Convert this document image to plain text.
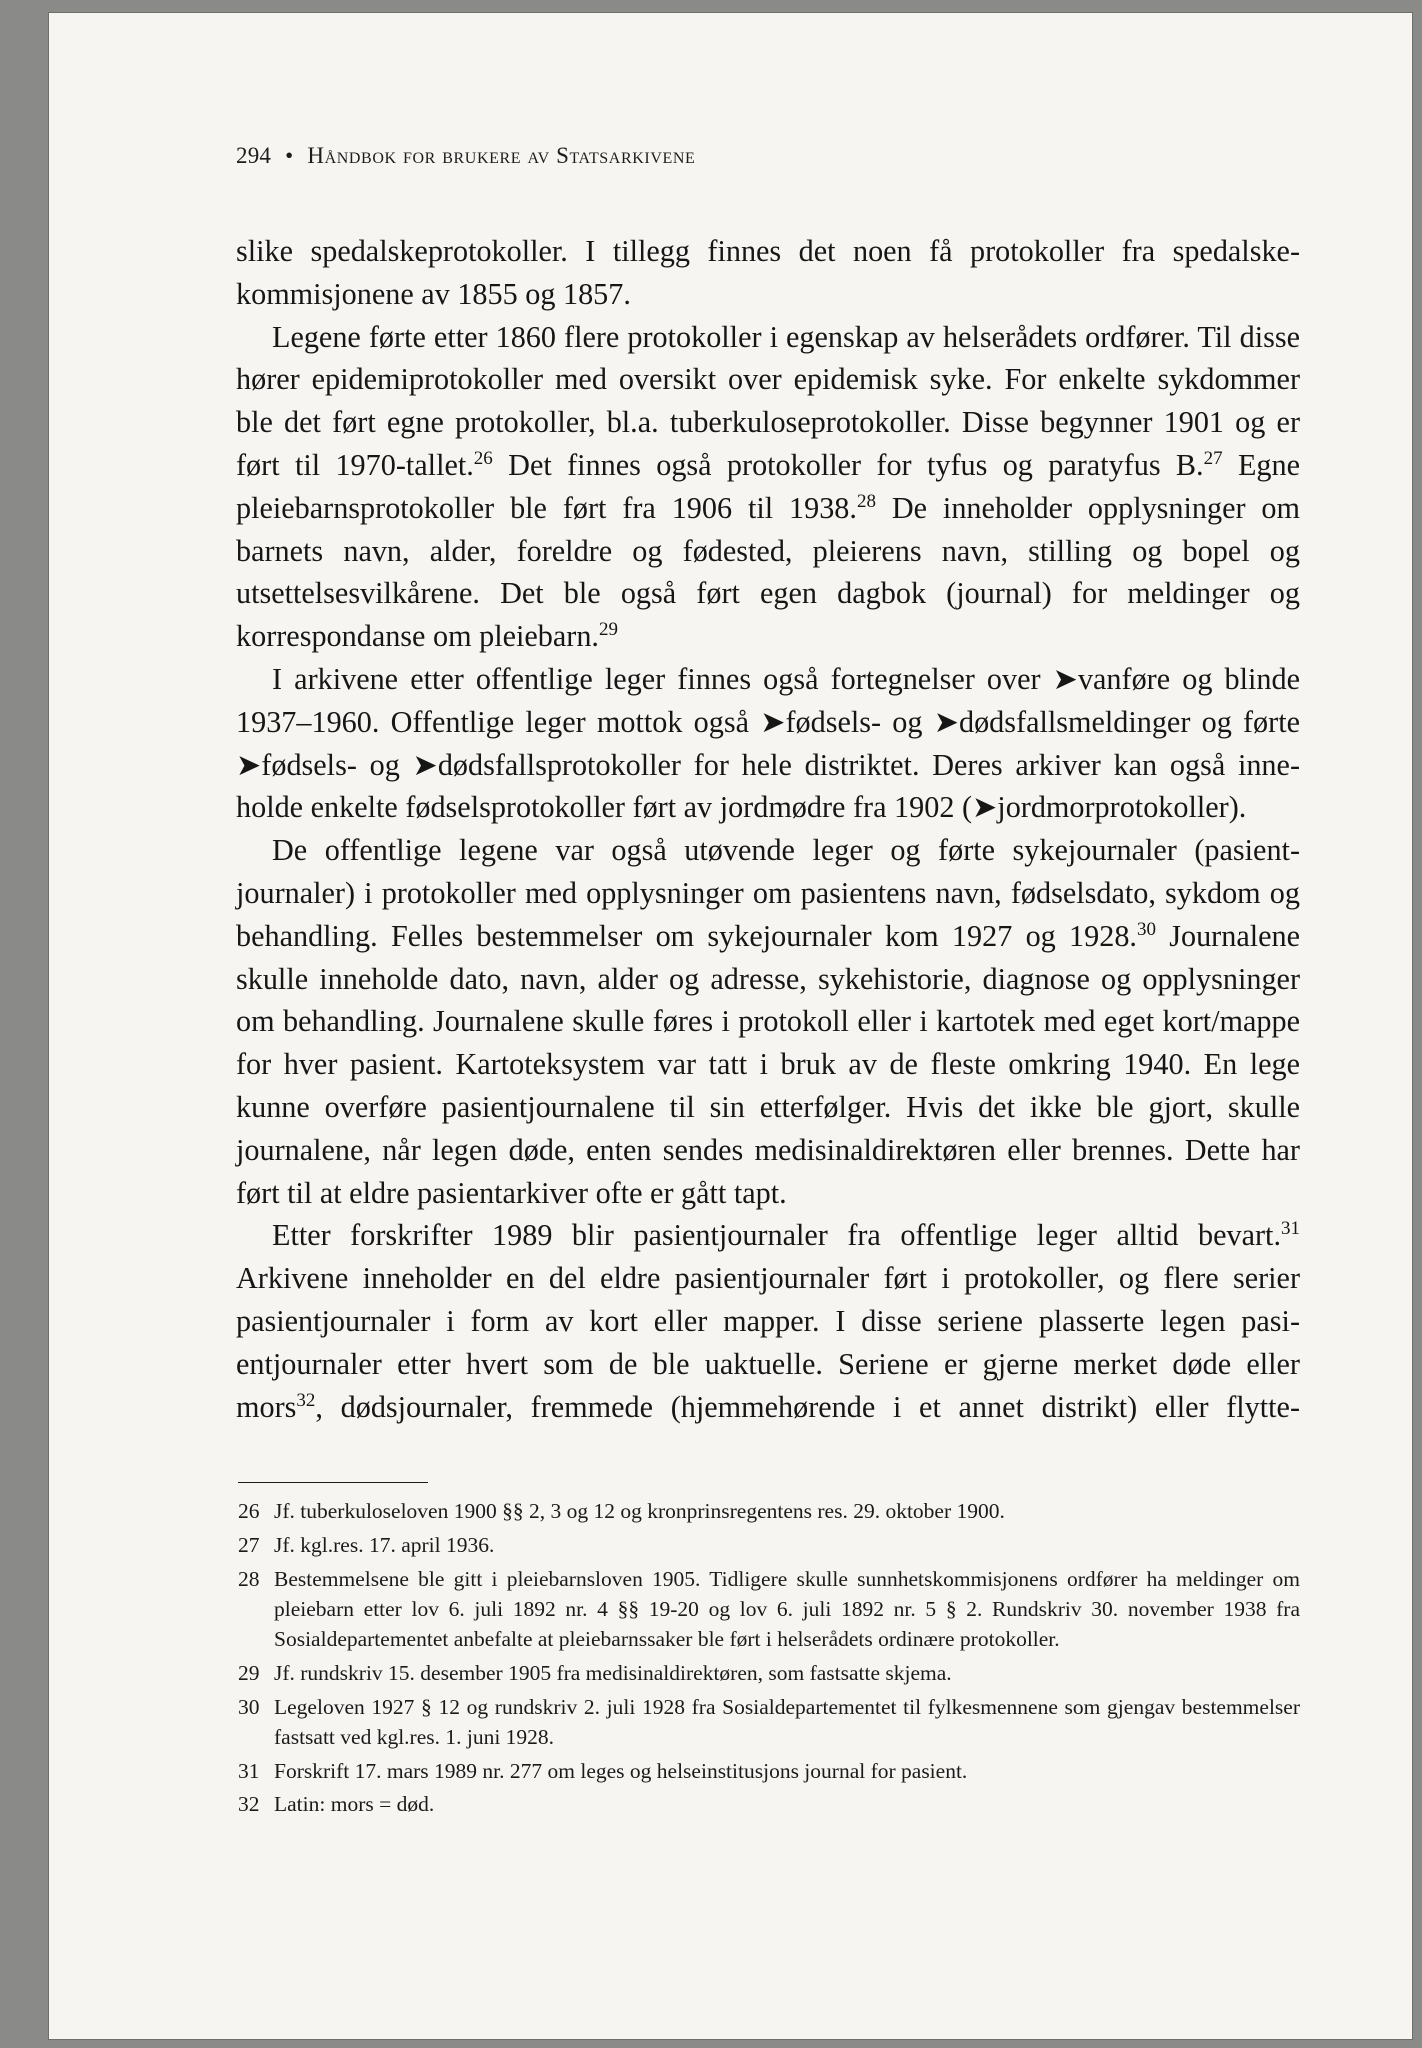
294 • Håndbok for brukere av Statsarkivene

slike spedalskeprotokoller. I tillegg finnes det noen få protokoller fra spedalskekommisjonene av 1855 og 1857.

Legene førte etter 1860 flere protokoller i egenskap av helserådets ordfører. Til disse hører epidemiprotokoller med oversikt over epidemisk syke. For enkelte sykdommer ble det ført egne protokoller, bl.a. tuberkuloseprotokoller. Disse begynner 1901 og er ført til 1970-tallet.$^{26}$ Det finnes også protokoller for tyfus og paratyfus B.$^{27}$ Egne pleiebarnsprotokoller ble ført fra 1906 til 1938.28 De inneholder opplysninger om barnets navn, alder, foreldre og fødested, pleierens navn, stilling og bopel og utsettelsesvilkårene. Det ble også ført egen dagbok (journal) for meldinger og korrespondanse om pleiebarn.$^{29}$

I arkivene etter offentlige leger finnes også fortegnelser over ➤vanføre og blinde 1937–1960. Offentlige leger mottok også ➤fødsels- og ➤dødsfallsmeldinger og førte ➤fødsels- og ➤dødsfallsprotokoller for hele distriktet. Deres arkiver kan også inneholde enkelte fødselsprotokoller ført av jordmødre fra 1902 (➤jordmorprotokoller).

De offentlige legene var også utøvende leger og førte sykejournaler (pasientjournaler) i protokoller med opplysninger om pasientens navn, fødselsdato, sykdom og behandling. Felles bestemmelser om sykejournaler kom 1927 og 1928.30 Journalene skulle inneholde dato, navn, alder og adresse, sykehistorie, diagnose og opplysninger om behandling. Journalene skulle føres i protokoll eller i kartotek med eget kort/mappe for hver pasient. Kartoteksystem var tatt i bruk av de fleste omkring 1940. En lege kunne overføre pasientjournalene til sin etterfølger. Hvis det ikke ble gjort, skulle journalene, når legen døde, enten sendes medisinaldirektøren eller brennes. Dette har ført til at eldre pasientarkiver ofte er gått tapt.

Etter forskrifter 1989 blir pasientjournaler fra offentlige leger alltid bevart.$^{31}$ Arkivene inneholder en del eldre pasientjournaler ført i protokoller, og flere serier pasientjournaler i form av kort eller mapper. I disse seriene plasserte legen pasientjournaler etter hvert som de ble uaktuelle. Seriene er gjerne merket døde eller mors$^{32}$, dødsjournaler, fremmede (hjemmehørende i et annet distrikt) eller flytte-

26 Jf. tuberkuloseloven 1900 §§ 2, 3 og 12 og kronprinsregentens res. 29. oktober 1900.
27 Jf. kgl.res. 17. april 1936.
28 Bestemmelsene ble gitt i pleiebarnsloven 1905. Tidligere skulle sunnhetskommisjonens ordfører ha meldinger om pleiebarn etter lov 6. juli 1892 nr. 4 §§ 19-20 og lov 6. juli 1892 nr. 5 § 2. Rundskriv 30. november 1938 fra Sosialdepartementet anbefalte at pleiebarnssaker ble ført i helserådets ordinære protokoller.
29 Jf. rundskriv 15. desember 1905 fra medisinaldirektøren, som fastsatte skjema.
30 Legeloven 1927 § 12 og rundskriv 2. juli 1928 fra Sosialdepartementet til fylkesmennene som gjengav bestemmelser fastsatt ved kgl.res. 1. juni 1928.
31 Forskrift 17. mars 1989 nr. 277 om leges og helseinstitusjons journal for pasient.
32 Latin: mors = død.
